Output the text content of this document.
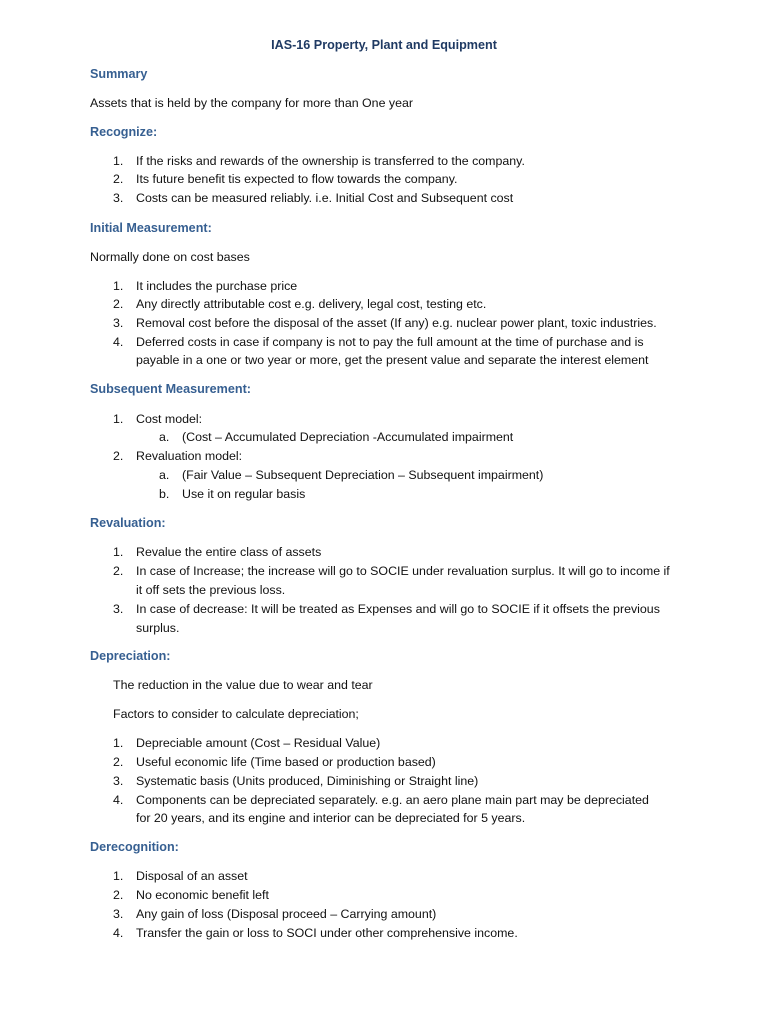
IAS-16 Property, Plant and Equipment
Summary
Assets that is held by the company for more than One year
Recognize:
1. If the risks and rewards of the ownership is transferred to the company.
2. Its future benefit tis expected to flow towards the company.
3. Costs can be measured reliably. i.e. Initial Cost and Subsequent cost
Initial Measurement:
Normally done on cost bases
1. It includes the purchase price
2. Any directly attributable cost e.g. delivery, legal cost, testing etc.
3. Removal cost before the disposal of the asset (If any) e.g. nuclear power plant, toxic industries.
4. Deferred costs in case if company is not to pay the full amount at the time of purchase and is
payable in a one or two year or more, get the present value and separate the interest element
Subsequent Measurement:
1. Cost model:
a. (Cost – Accumulated Depreciation -Accumulated impairment
2. Revaluation model:
a. (Fair Value – Subsequent Depreciation – Subsequent impairment)
b. Use it on regular basis
Revaluation:
1. Revalue the entire class of assets
2. In case of Increase; the increase will go to SOCIE under revaluation surplus. It will go to income if
it off sets the previous loss.
3. In case of decrease: It will be treated as Expenses and will go to SOCIE if it offsets the previous
surplus.
Depreciation:
The reduction in the value due to wear and tear
Factors to consider to calculate depreciation;
1. Depreciable amount (Cost – Residual Value)
2. Useful economic life (Time based or production based)
3. Systematic basis (Units produced, Diminishing or Straight line)
4. Components can be depreciated separately. e.g. an aero plane main part may be depreciated
for 20 years, and its engine and interior can be depreciated for 5 years.
Derecognition:
1. Disposal of an asset
2. No economic benefit left
3. Any gain of loss (Disposal proceed – Carrying amount)
4. Transfer the gain or loss to SOCI under other comprehensive income.
